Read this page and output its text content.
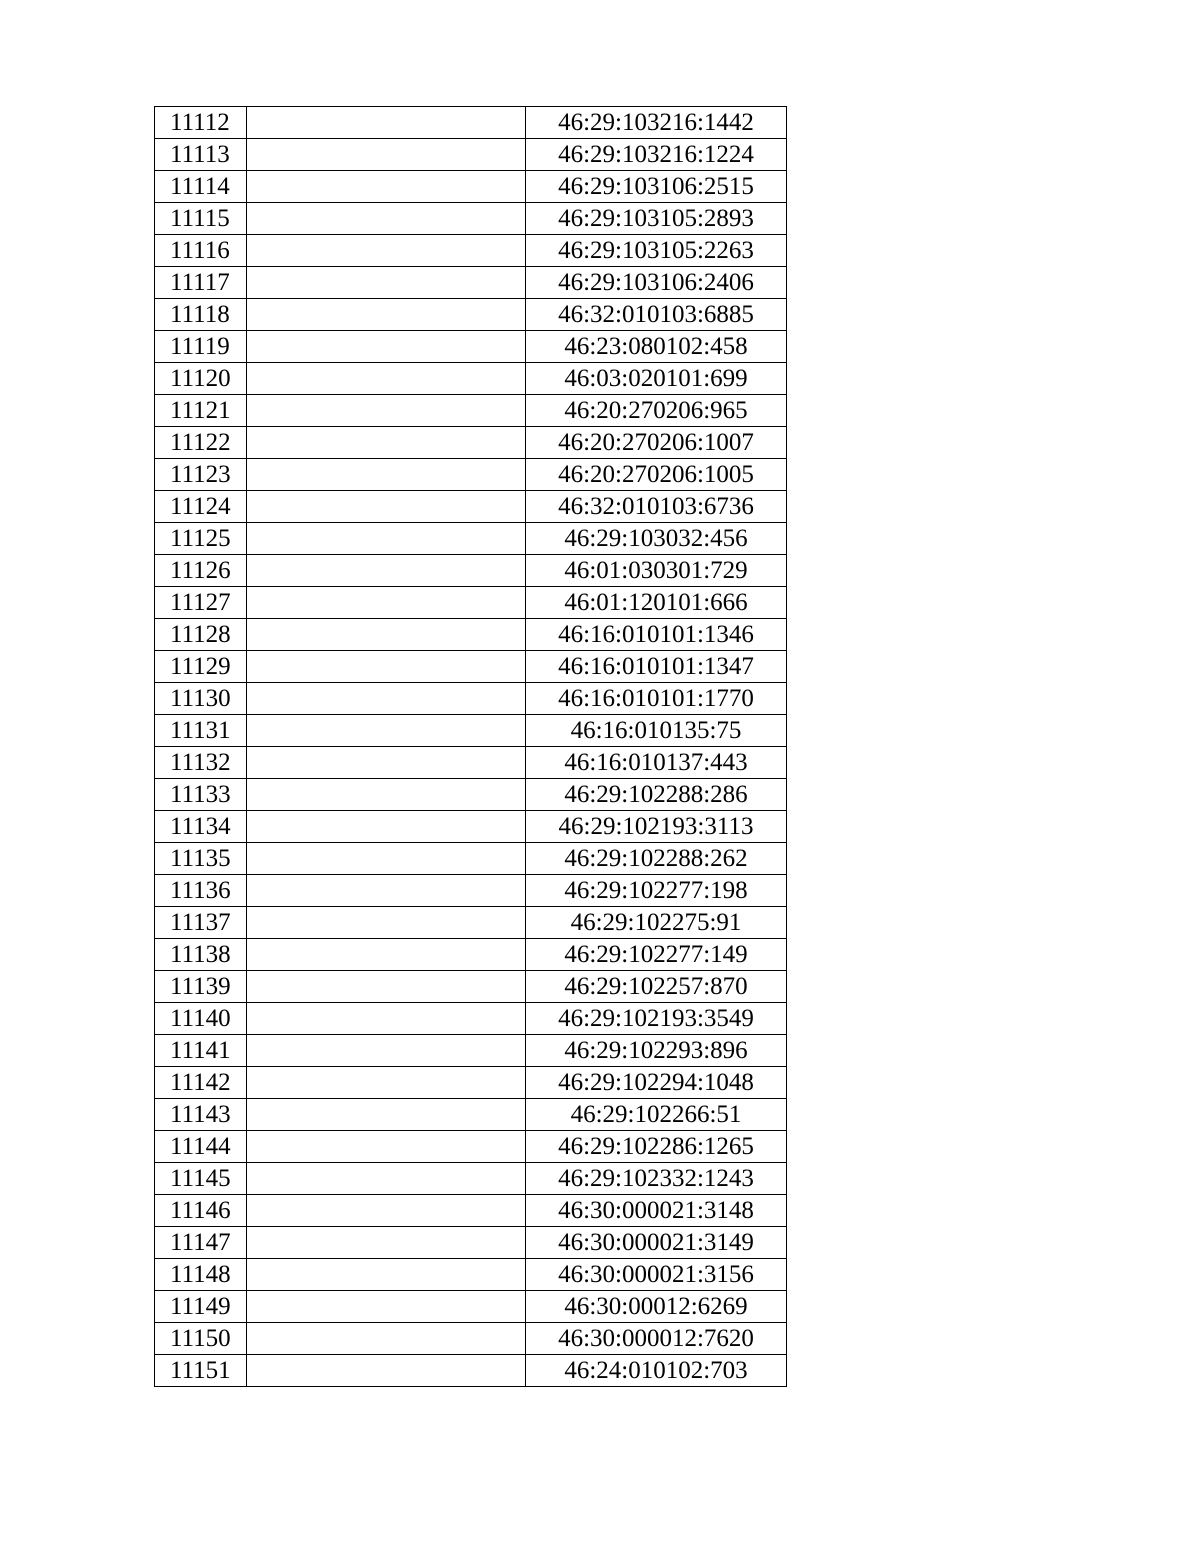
11112		46:29:103216:1442
11113		46:29:103216:1224
11114		46:29:103106:2515
11115		46:29:103105:2893
11116		46:29:103105:2263
11117		46:29:103106:2406
11118		46:32:010103:6885
11119		46:23:080102:458
11120		46:03:020101:699
11121		46:20:270206:965
11122		46:20:270206:1007
11123		46:20:270206:1005
11124		46:32:010103:6736
11125		46:29:103032:456
11126		46:01:030301:729
11127		46:01:120101:666
11128		46:16:010101:1346
11129		46:16:010101:1347
11130		46:16:010101:1770
11131		46:16:010135:75
11132		46:16:010137:443
11133		46:29:102288:286
11134		46:29:102193:3113
11135		46:29:102288:262
11136		46:29:102277:198
11137		46:29:102275:91
11138		46:29:102277:149
11139		46:29:102257:870
11140		46:29:102193:3549
11141		46:29:102293:896
11142		46:29:102294:1048
11143		46:29:102266:51
11144		46:29:102286:1265
11145		46:29:102332:1243
11146		46:30:000021:3148
11147		46:30:000021:3149
11148		46:30:000021:3156
11149		46:30:00012:6269
11150		46:30:000012:7620
11151		46:24:010102:703
